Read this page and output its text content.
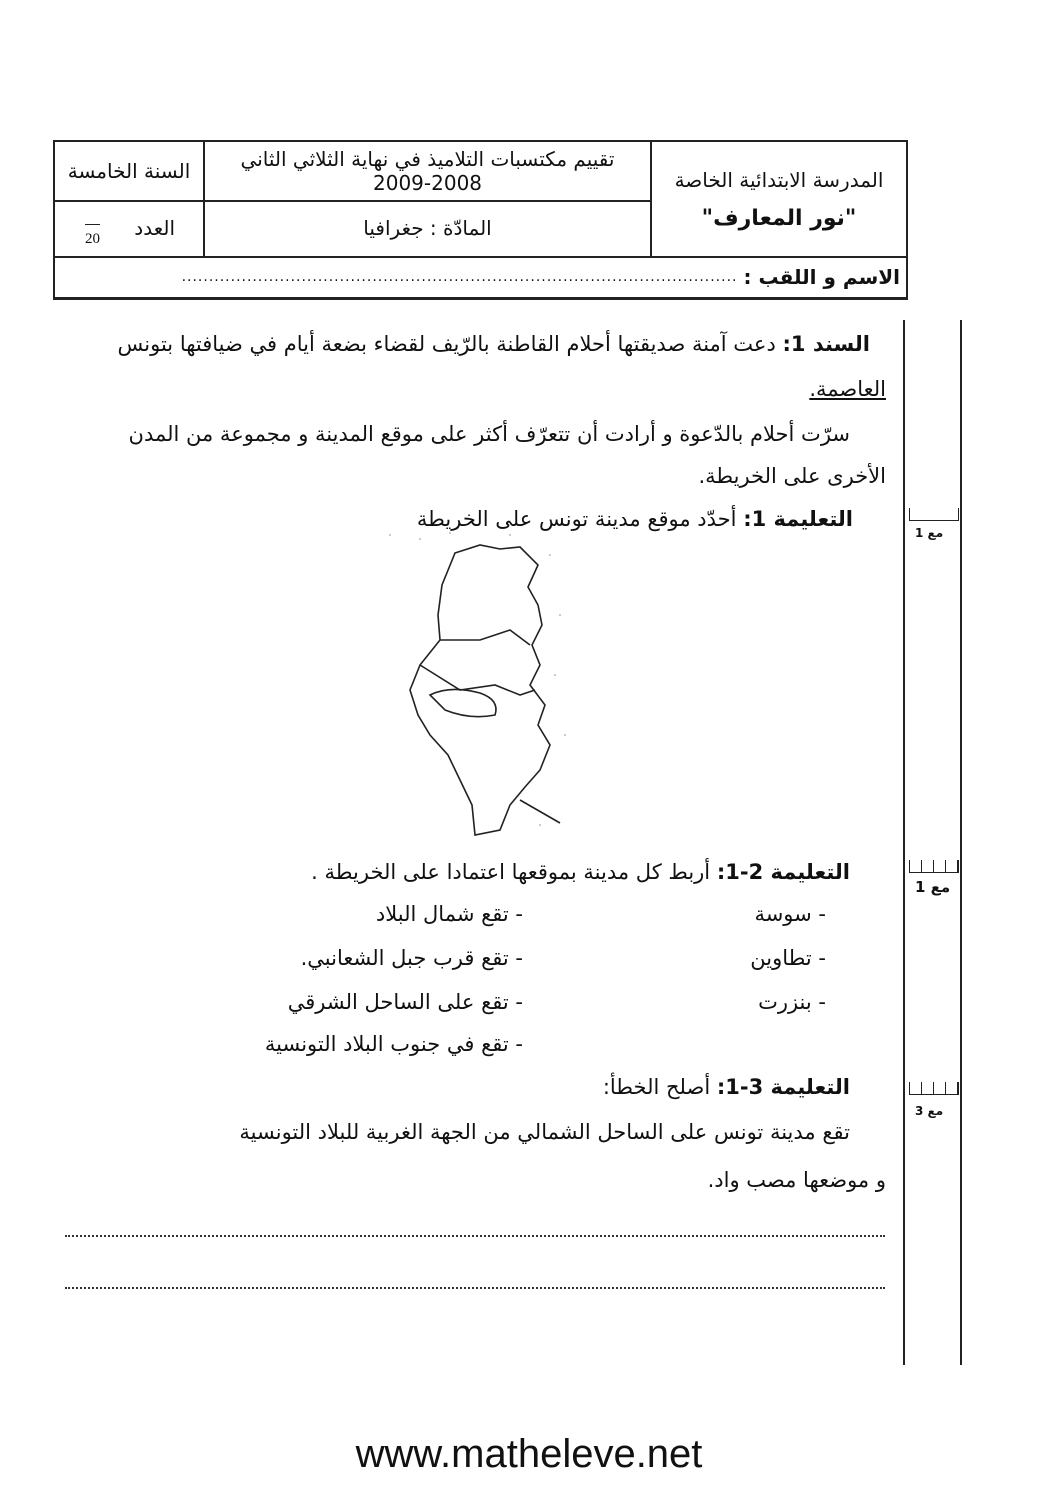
المدرسة الابتدائية الخاصة
"نور المعارف"
تقييم مكتسبات التلاميذ في نهاية الثلاثي الثاني
2009-2008
المادّة : جغرافيا
السنة الخامسة
20 العدد
الاسم و اللقب :
......................................................................................................
مع 1
مع 1
مع 3
السند 1: دعت آمنة صديقتها أحلام القاطنة بالرّيف لقضاء بضعة أيام في ضيافتها بتونس
العاصمة.
سرّت أحلام بالدّعوة و أرادت أن تتعرّف أكثر على موقع المدينة و مجموعة من المدن
الأخرى على الخريطة.
التعليمة 1: أحدّد موقع مدينة تونس على الخريطة
التعليمة 2-1: أربط كل مدينة بموقعها اعتمادا على الخريطة .
- سوسة
- تطاوين
- بنزرت
- تقع شمال البلاد
- تقع قرب جبل الشعانبي.
- تقع على الساحل الشرقي
- تقع في جنوب البلاد التونسية
التعليمة 3-1: أصلح الخطأ:
تقع مدينة تونس على الساحل الشمالي من الجهة الغربية للبلاد التونسية
و موضعها مصب واد.
www.matheleve.net
